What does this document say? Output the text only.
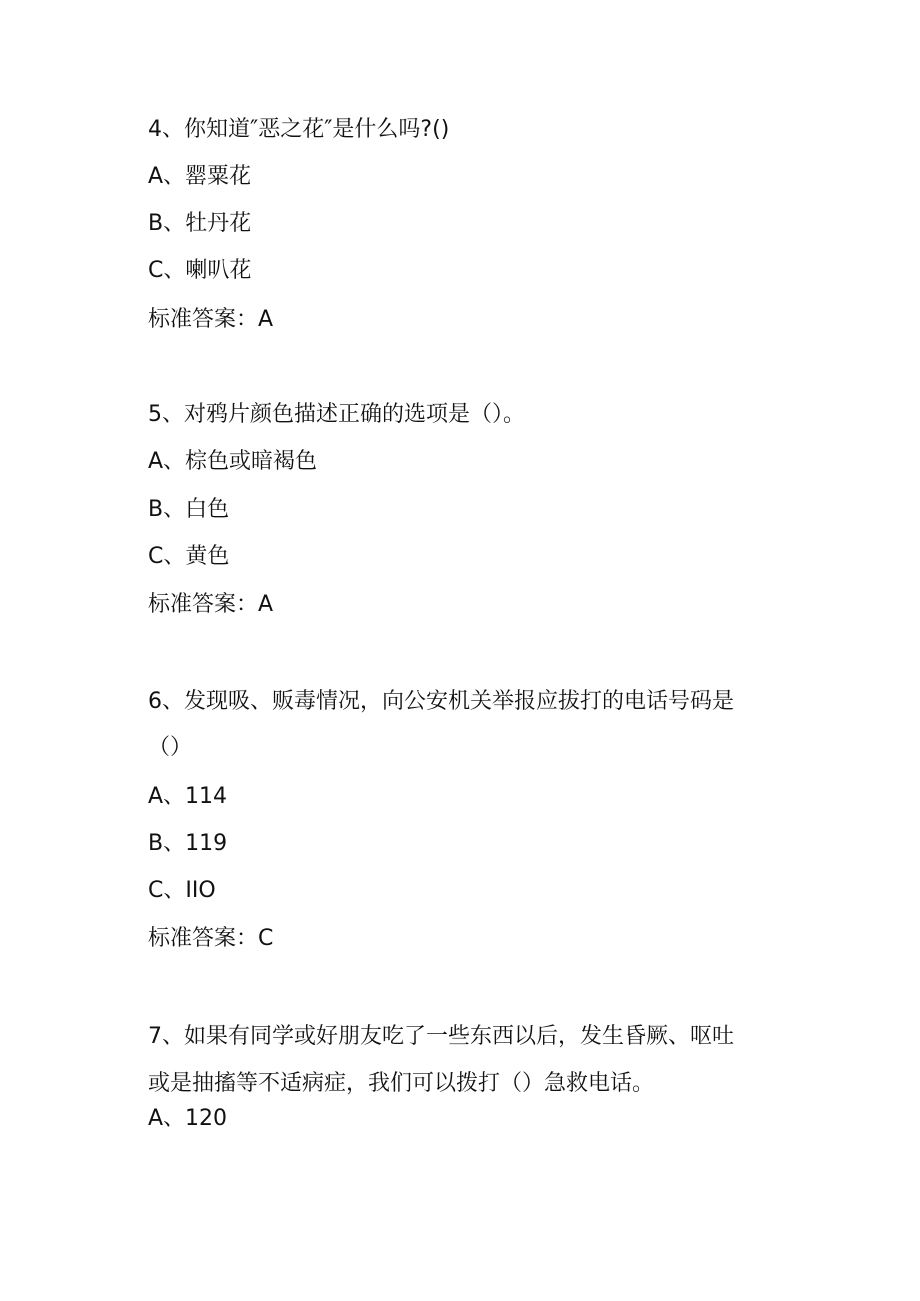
4、你知道″恶之花″是什么吗?()
A、罂粟花
B、牡丹花
C、喇叭花
标准答案：A
5、对鸦片颜色描述正确的选项是（）。
A、棕色或暗褐色
B、白色
C、黄色
标准答案：A
6、发现吸、贩毒情况，向公安机关举报应拔打的电话号码是
（）
A、114
B、119
C、IIO
标准答案：C
7、如果有同学或好朋友吃了一些东西以后，发生昏厥、呕吐
或是抽搐等不适病症，我们可以拨打（）急救电话。
A、120
